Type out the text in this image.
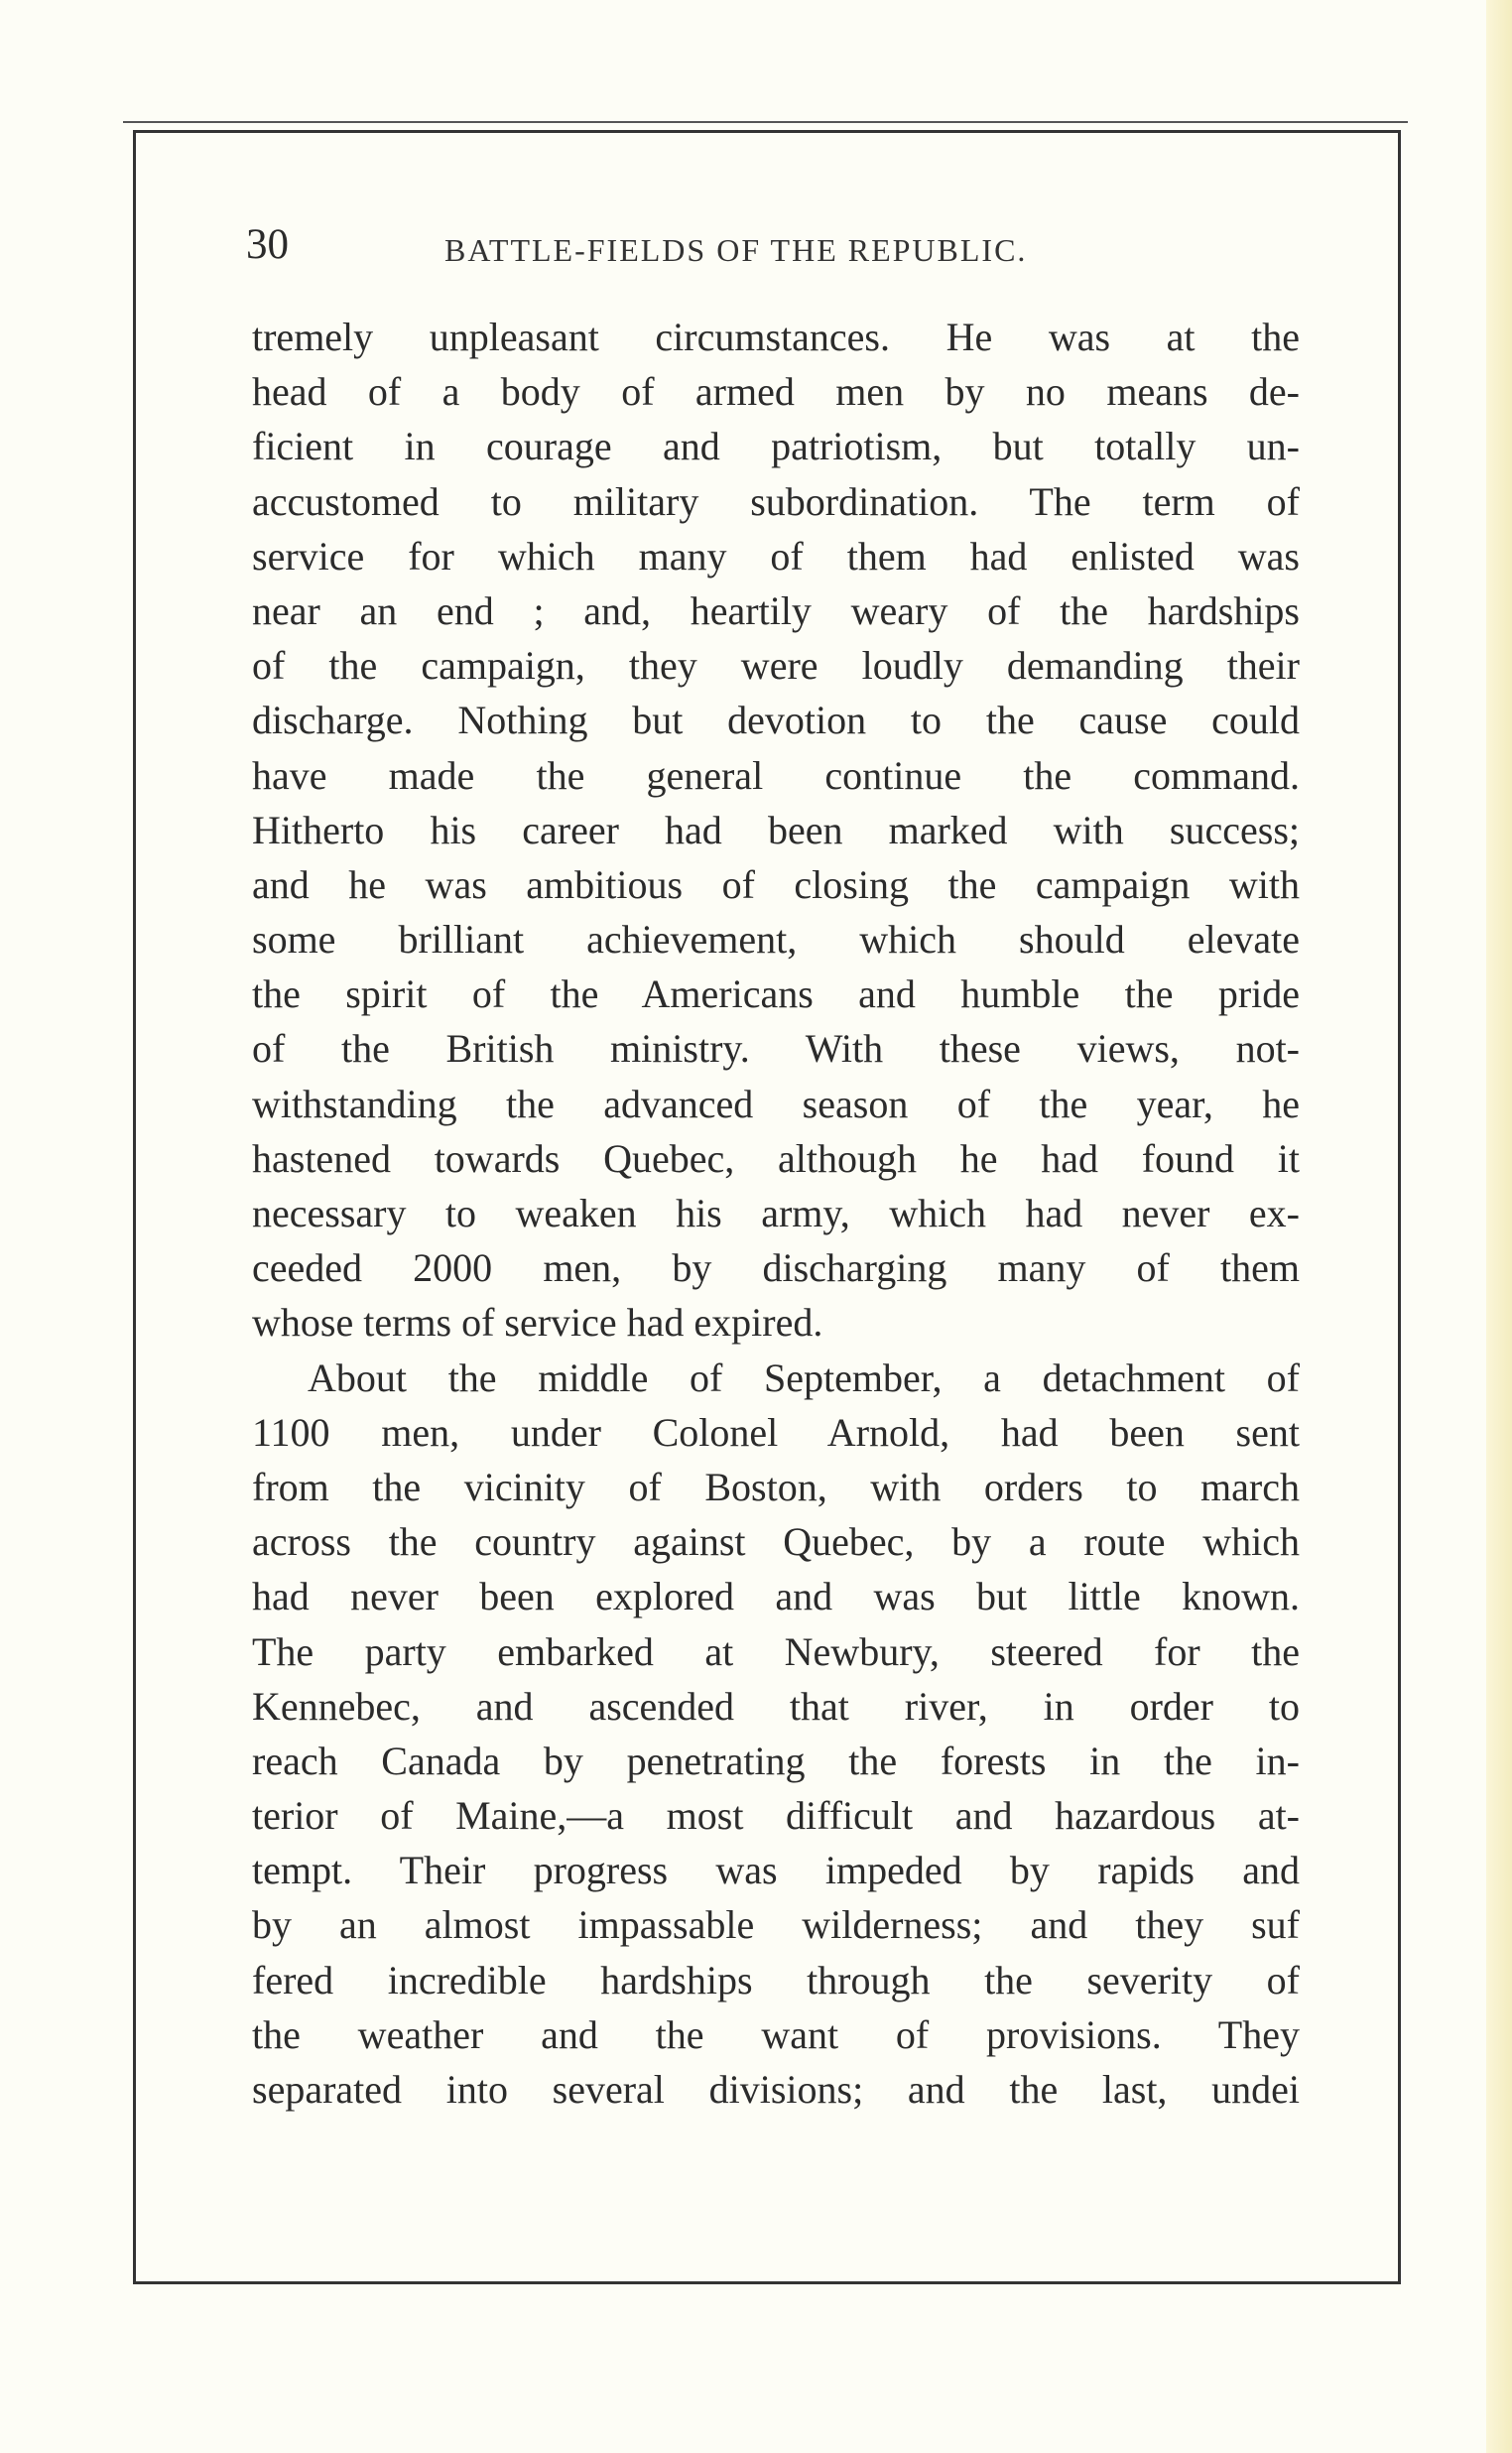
30	BATTLE-FIELDS OF THE REPUBLIC.
tremely unpleasant circumstances. He was at the
head of a body of armed men by no means de-
ficient in courage and patriotism, but totally un-
accustomed to military subordination. The term of
service for which many of them had enlisted was
near an end ; and, heartily weary of the hardships
of the campaign, they were loudly demanding their
discharge. Nothing but devotion to the cause could
have made the general continue the command.
Hitherto his career had been marked with success;
and he was ambitious of closing the campaign with
some brilliant achievement, which should elevate
the spirit of the Americans and humble the pride
of the British ministry. With these views, not-
withstanding the advanced season of the year, he
hastened towards Quebec, although he had found it
necessary to weaken his army, which had never ex-
ceeded 2000 men, by discharging many of them
whose terms of service had expired.
About the middle of September, a detachment of
1100 men, under Colonel Arnold, had been sent
from the vicinity of Boston, with orders to march
across the country against Quebec, by a route which
had never been explored and was but little known.
The party embarked at Newbury, steered for the
Kennebec, and ascended that river, in order to
reach Canada by penetrating the forests in the in-
terior of Maine,—a most difficult and hazardous at-
tempt. Their progress was impeded by rapids and
by an almost impassable wilderness; and they suf
fered incredible hardships through the severity of
the weather and the want of provisions. They
separated into several divisions; and the last, undei
